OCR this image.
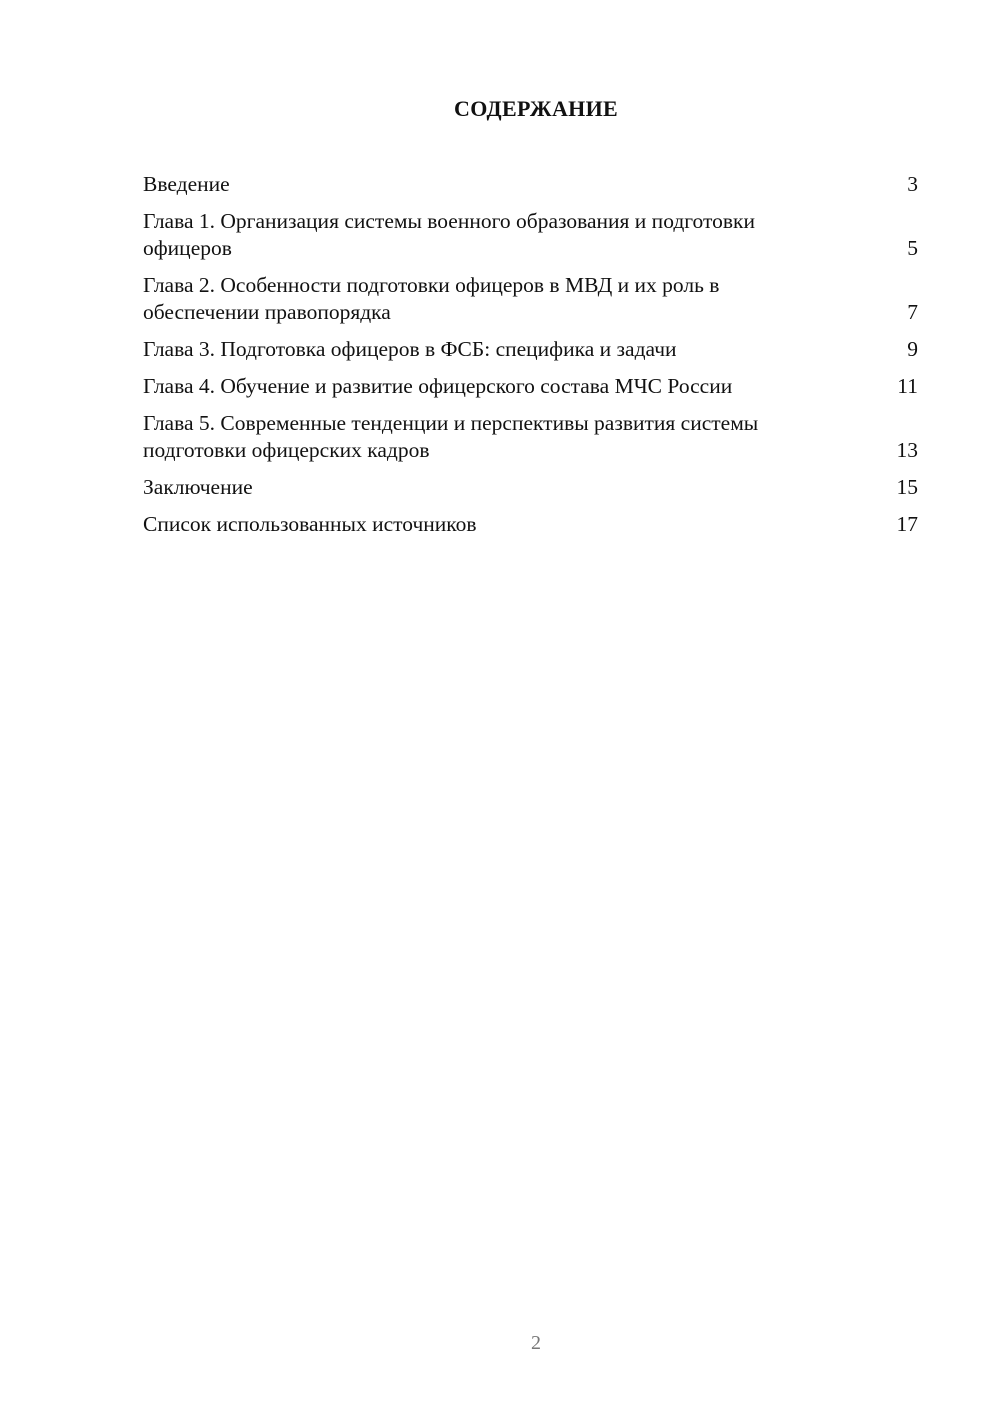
СОДЕРЖАНИЕ
Введение	3
Глава 1. Организация системы военного образования и подготовки офицеров	5
Глава 2. Особенности подготовки офицеров в МВД и их роль в обеспечении правопорядка	7
Глава 3. Подготовка офицеров в ФСБ: специфика и задачи	9
Глава 4. Обучение и развитие офицерского состава МЧС России	11
Глава 5. Современные тенденции и перспективы развития системы подготовки офицерских кадров	13
Заключение	15
Список использованных источников	17
2
